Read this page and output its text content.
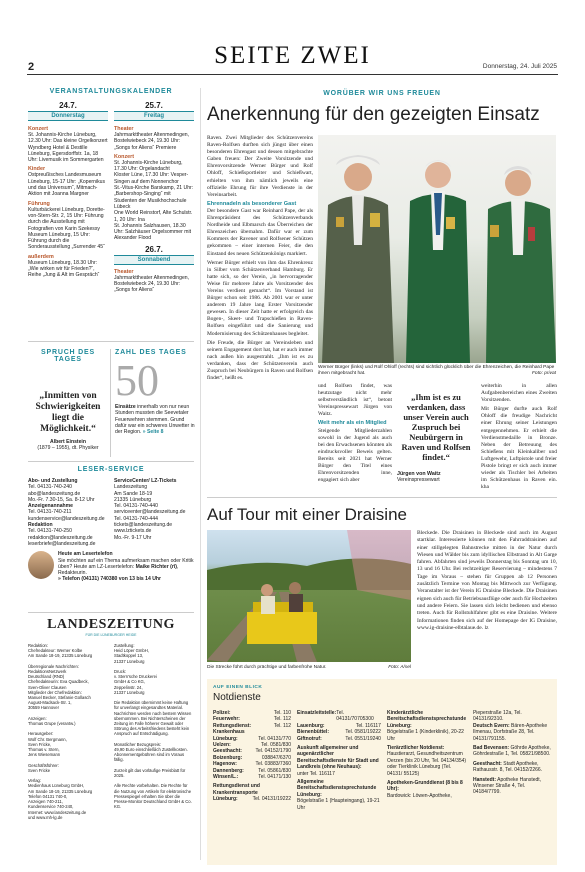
SEITE ZWEI
2	Donnerstag, 24. Juli 2025
VERANSTALTUNGSKALENDER
24.7.
Donnerstag
25.7.
Freitag
Konzert
St. Johannis-Kirche Lüneburg, 12.30 Uhr: Das kleine Orgelkonzert
Wyndberg Hotel & Destille Lüneburg, Egersdorffstr. 1a, 18 Uhr: Livemusik im Sommergarten
Kinder
Ostpreußisches Landesmuseum Lüneburg, 15-17 Uhr: „Kopernikus und das Universum“, Mitmach-Aktion mit Joanna Margner
Führung
Kulturbäckerei Lüneburg, Dorette-von-Stern-Str. 2, 15 Uhr: Führung durch die Ausstellung mit Fotografien von Karin Szekessy
Museum Lüneburg, 15 Uhr: Führung durch die Sonderausstellung „Surrender 45“
außerdem
Museum Lüneburg, 18.30 Uhr: „Wie wirken wir für Frieden?“, Reihe „Jung & Alt im Gespräch“
Theater
Jahrmarkttheater Altenmedingen, Bostelwiebeck 24, 19.30 Uhr: „Songs for Aliens“ Premiere
Konzert
St. Johannis-Kirche Lüneburg, 17.30 Uhr: Orgelandacht
Kloster Lüne, 17.30 Uhr: Vesper-Singen auf dem Nonnenchor
St.-Vitus-Kirche Barskamp, 21 Uhr: „Barbershop-Singing“ mit Studenten der Musikhochschule Lübeck
One World Reinstorf, Alte Schulstr. 1, 20 Uhr: Ina
St. Johannis Salzhausen, 18.30 Uhr: Salzhäuser Orgelsommer mit Alexander Flood
26.7.
Sonnabend
Theater
Jahrmarkttheater Altenmedingen, Bostelwiebeck 24, 19.30 Uhr: „Songs for Aliens“
SPRUCH DES TAGES
„Inmitten von Schwierigkeiten liegt die Möglichkeit.“
Albert Einstein
(1879 – 1955), dt. Physiker
ZAHL DES TAGES
50
Einsätze innerhalb von nur neun Stunden mussten die Seevetaler Feuerwehren stemmen. Grund dafür war ein schweres Unwetter in der Region. » Seite 8
LESER-SERVICE
Abo- und Zustellung
Tel. 04131-740-240
abo@landeszeitung.de
Mo.-Fr. 7.30-15, Sa. 8-12 Uhr
Anzeigenannahme
Tel. 04131-740-211
kundenservice@landeszeitung.de
Redaktion
Tel. 04131-740-250
redaktion@landeszeitung.de
leserbriefe@landeszeitung.de
ServiceCenter/ LZ-Tickets
Landeszeitung
Am Sande 18-19
21335 Lüneburg
Tel. 04131-740-440
serviceenter@landeszeitung.de
Tel. 04131-740-444
tickets@landeszeitung.de
www.lztickets.de
Mo.-Fr. 9-17 Uhr
Heute am Lesertelefon
Sie möchten auf ein Thema aufmerksam machen oder Kritik üben? Heute am LZ-Lesertelefon: Maike Richter (rī), Redakteurin.
» Telefon (04131) 740380 von 13 bis 14 Uhr
LANDESZEITUNG
FÜR DIE LÜNEBURGER HEIDE
Redaktion:
Chefredakteur: Werner Kolbe
Am Sande 18-19, 21335 Lüneburg

Überregionale Nachrichten:
RedaktionsNetzwerk
Deutschland (RND)
Chefredakteurin: Eva Quadbeck,
Sven-Oliver Clausen
Mitglieder der Chefredaktion:
Manuel Becker, Stefanie Gollasch
August-Madsack-Str. 1,
30559 Hannover

Anzeigen:
Thomas Grupe (verantw.)

Herausgeber:
Wolf Chr. Bergmann,
Sven Fricke,
Thomas v. Stern,
Jens Wiesemann

Geschäftsführer:
Sven Fricke

Verlag:
Medienhaus Lüneburg GmbH,
Am Sande 18-19, 21335 Lüneburg
Telefon 04131 740-0,
Anzeigen 740-211,
Kundenservice 740-240,
Internet: www.landeszeitung.de
und www.mh-lg.de
Zustellung:
Heid Löper GmbH,
Stadtkoppel 13,
21337 Lüneburg

Druck:
v. Stern'sche Druckerei
GmbH & Co KG,
Zeppelinstr. 24,
21337 Lüneburg

Die Redaktion übernimmt keine Haftung für unverlangt eingesandtes Material. Nachrichten werden nach bestem Wissen übernommen. Bei Nichterscheinen der Zeitung im Falle höherer Gewalt oder Störung des Arbeitsfriedens besteht kein Anspruch auf Entschädigung.

Monatlicher Bezugspreis:
49,90 Euro einschließlich Zustellkosten. Abonnementgebühren sind im Voraus fällig.

Zurzeit gilt das vorläufige Preisblatt für 2025.

Alle Rechte vorbehalten. Die Rechte für die Nutzung von Artikeln für elektronische Pressespiegel erhalten Sie über die Presse-Monitor Deutschland GmbH & Co. KG.
WORÜBER WIR UNS FREUEN
Anerkennung für den gezeigten Einsatz

Raven. Zwei Mitglieder des Schützenvereins Raven-Rolfsen durften sich jüngst über einen besonderen Ehrengast und dessen mitgebrachte Gaben freuen: Der Zweite Vorsitzende und Ehrenvorsitzende Werner Bürger und Rolf Ohloff, Schießsportleiter und Schießwart, erhielten von ihm nämlich jeweils eine offizielle Ehrung für ihre Verdienste in der Vereinsarbeit.

Ehrennadeln als besonderer Gast

Der besondere Gast war Reinhard Pape, der als Ehrenpräsident des Schützenverbands Nordheide und Elbmarsch das Überreichen der Ehrenzeichen übernahm. Dafür war er zum Kommers der Ravener und Rolfsener Schützen gekommen – einer internen Feier, die den Einstand des neuen Schützenkönigs markiert.

Werner Bürger erhielt von ihm das Ehrenkreuz in Silber vom Schützenverband Hamburg. Er hatte sich, so der Verein, „in hervorragender Weise für mehrere Jahre als Vorsitzender des Vereins verdient gemacht“. Im Vorstand ist Bürger schon seit 1986. Ab 2001 war er unter anderem 19 Jahre lang Erster Vorsitzender gewesen. In dieser Zeit hatte er erfolgreich das Bogen-, Skeet- und Trapschießen in Raven-Rolfsen eingeführt und die Sanierung und Modernisierung des Schützenhauses begleitet.

Die Freude, die Bürger an Vereinsleben und seinem Engagement dort hat, hat er auch immer nach außen hin ausgestrahlt. „Ihm ist es zu verdanken, dass der Schützenverein auch Zuspruch bei Neubürgern in Raven und Rolfsen findet“, heißt es.

Werner Bürger (links) und Rolf Ohloff (rechts) sind sichtlich glücklich über die Ehrenzeichen, die Reinhard Pape ihnen mitgebracht hat.	Foto: privat

und Rolfsen findet, was heutzutage nicht mehr selbstverständlich ist“, betont Vereinspressewart Jürgen von Waitz.

Weit mehr als ein Mitglied

Steigende Mitgliederzahlen sowohl in der Jugend als auch bei den Erwachsenen könnten als eindrucksvoller Beweis gelten. Bereits seit 2021 hat Werner Bürger den Titel eines Ehrenvorsitzenden inne, engagiert sich aber

„Ihm ist es zu verdanken, dass unser Verein auch Zuspruch bei Neubürgern in Raven und Rolfsen findet.“
Jürgen von Waitz
Vereinspressewart

weiterhin in allen Aufgabenbereichen eines Zweiten Vorsitzenden.

Mit Bürger durfte auch Rolf Ohloff die freudige Nachricht einer Ehrung seiner Leistungen entgegennehmen. Er erhielt die Verdienstmedaille in Bronze. Neben der Betreuung des Schießens mit Kleinkaliber und Luftgewehr, Luftpistole und freier Pistole bringt er sich auch immer wieder als Tischler bei Arbeiten im Schützenhaus in Raven ein. kha

Auf Tour mit einer Draisine
Die Strecke führt durch prächtige und farbenfrohe Natur.	Foto: A/sel
Bleckede. Die Draisinen in Bleckede sind auch im August startklar. Interessierte können mit den Fahrraddraisinen auf einer stillgelegten Bahnstrecke mitten in der Natur durch Wiesen und Wälder bis zum idyllischen Elbstrand in Alt Garge fahren. Abfahrten sind jeweils Donnerstag bis Sonntag um 10, 13 und 16 Uhr. Bei rechtzeitiger Reservierung – mindestens 7 Tage im Voraus – stehen für Gruppen ab 12 Personen zusätzlich Termine von Montag bis Mittwoch zur Verfügung. Veranstalter ist der Verein IG Draisine Bleckede. Die Draisinen eignen sich auch für Betriebsausflüge oder auch für Hochzeiten und andere Feiern. Sie lassen sich leicht bedienen und ebenso treten. Auch für Rollstuhlfahrer gibt es eine Draisine. Weitere Informationen finden sich auf der Homepage der IG Draisine, www.ig-draisine-elbtalaue.de. lz
AUF EINEN BLICK
Notdienste
Polizei:	Tel. 110
Feuerwehr:	Tel. 112
Rettungsdienst:	Tel. 112
Krankenhaus
Lüneburg:	Tel. 04131/770
Uelzen:	Tel. 0581/830
Geesthacht:	Tel. 04152/1790
Boizenburg:	038847/6370
Hagenow:	Tel. 03883/7360
Dannenberg:	Tel. 05861/830
Winsen/L.:	Tel. 04171/130
Rettungsdienst und Krankentransporte
Lüneburg:	Tel. 04131/19222
Einsatzleitstelle: Tel. 04131/70705300
Lauenburg:	Tel. 116117
Bienenbüttel:	Tel. 0581/19222
Giftnotruf:	Tel. 0551/19240
Auskunft allgemeiner und augenärztlicher Bereitschaftsdienste für Stadt und Landkreis (ohne Neuhaus):
unter Tel. 116117
Allgemeine Bereitschaftsdienstsprechstunde Lüneburg:
Bögelstraße 1 (Hauptеingang), 19-21 Uhr
Kinderärztliche Bereitschaftsdienstsprechstunde Lüneburg:
Bögelstraße 1 (Kinderklinik), 20-22 Uhr
Tierärztlicher Notdienst:
Haustierarzt, Gesundheitszentrum Oerzen (bis 20 Uhr, Tel. 04134/354) oder Tierklinik Lüneburg (Tel. 04131/ 55125)
Apotheken-Grunddienst (8 bis 8 Uhr):
Bardowick: Löwen-Apotheke,
Pieperstraße 12a, Tel. 04131/92310.
Deutsch Evern: Bären-Apotheke Ilmenau, Dorfstraße 28, Tel. 04131/791155.
Bad Bevensen: Göhrde Apotheke, Göhrdestraße 1, Tel. 05821/98500.
Geesthacht: Stadt Apotheke, Rathausstr. 8, Tel. 04152/2266.
Hanstedt: Apotheke Hanstedt, Winsener Straße 4, Tel. 04184/7799.
